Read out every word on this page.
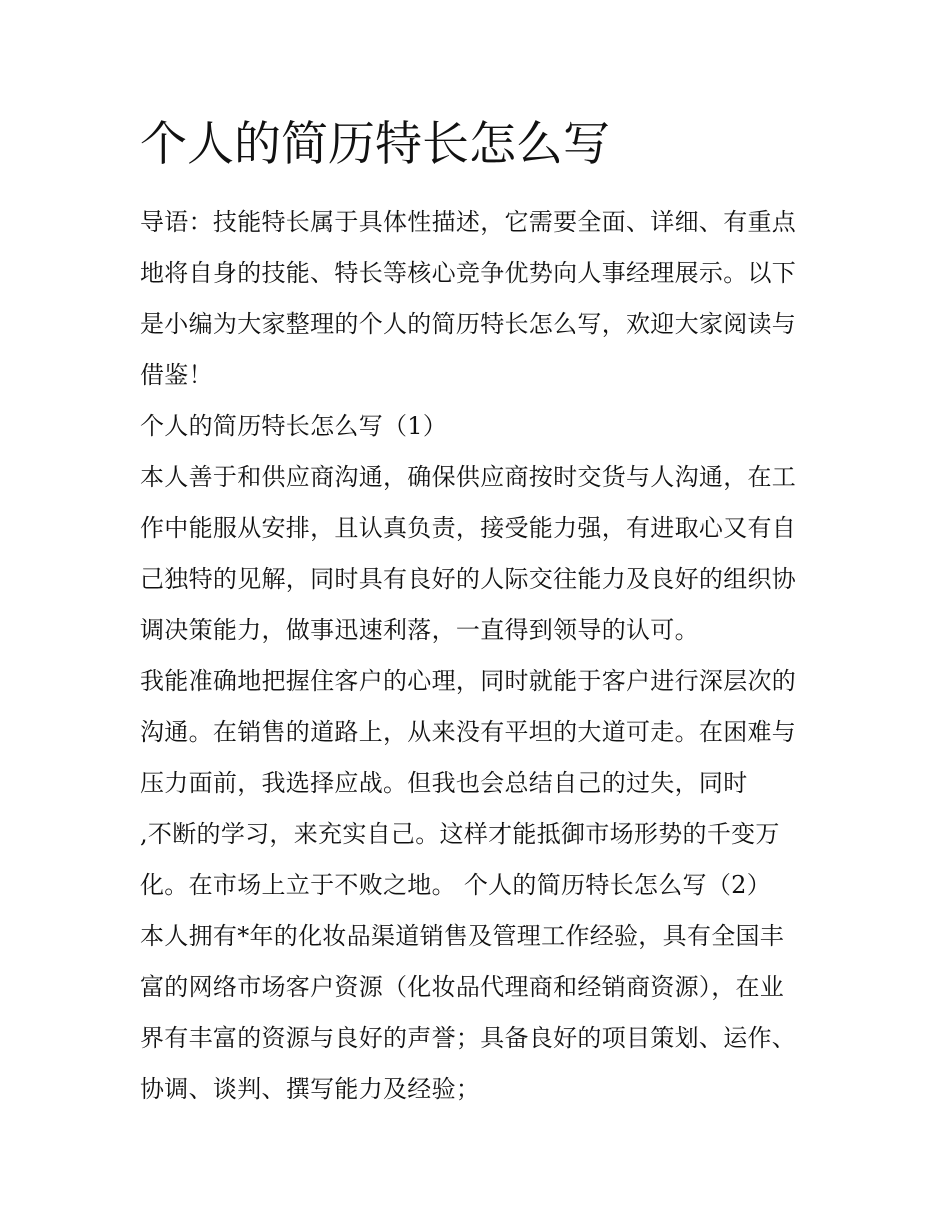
个人的简历特长怎么写
导语：技能特长属于具体性描述，它需要全面、详细、有重点
地将自身的技能、特长等核心竞争优势向人事经理展示。以下
是小编为大家整理的个人的简历特长怎么写，欢迎大家阅读与
借鉴！
个人的简历特长怎么写（1）
本人善于和供应商沟通，确保供应商按时交货与人沟通，在工
作中能服从安排，且认真负责，接受能力强，有进取心又有自
己独特的见解，同时具有良好的人际交往能力及良好的组织协
调决策能力，做事迅速利落，一直得到领导的认可。
我能准确地把握住客户的心理，同时就能于客户进行深层次的
沟通。在销售的道路上，从来没有平坦的大道可走。在困难与
压力面前，我选择应战。但我也会总结自己的过失，同时
,不断的学习，来充实自己。这样才能抵御市场形势的千变万
化。在市场上立于不败之地。 个人的简历特长怎么写（2）
本人拥有*年的化妆品渠道销售及管理工作经验，具有全国丰
富的网络市场客户资源（化妆品代理商和经销商资源），在业
界有丰富的资源与良好的声誉；具备良好的项目策划、运作、
协调、谈判、撰写能力及经验；
